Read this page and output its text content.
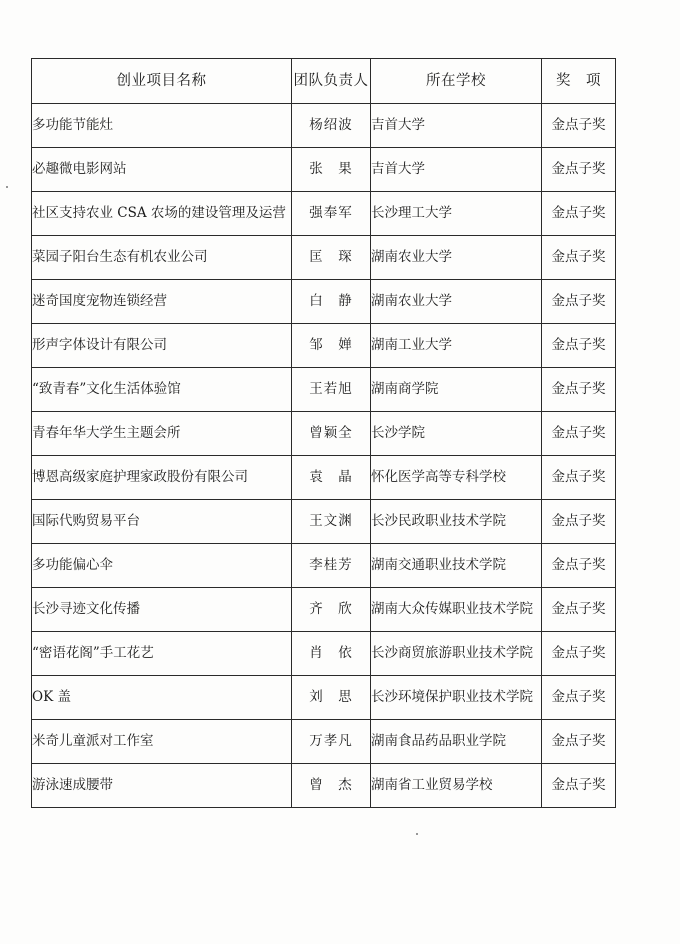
创业项目名称	团队负责人	所在学校	奖　项
多功能节能灶	杨绍波	吉首大学	金点子奖
必趣微电影网站	张　果	吉首大学	金点子奖
社区支持农业 CSA 农场的建设管理及运营	强奉军	长沙理工大学	金点子奖
菜园子阳台生态有机农业公司	匡　琛	湖南农业大学	金点子奖
迷奇国度宠物连锁经营	白　静	湖南农业大学	金点子奖
形声字体设计有限公司	邹　婵	湖南工业大学	金点子奖
“致青春”文化生活体验馆	王若旭	湖南商学院	金点子奖
青春年华大学生主题会所	曾颖全	长沙学院	金点子奖
博恩高级家庭护理家政股份有限公司	袁　晶	怀化医学高等专科学校	金点子奖
国际代购贸易平台	王文渊	长沙民政职业技术学院	金点子奖
多功能偏心伞	李桂芳	湖南交通职业技术学院	金点子奖
长沙寻迹文化传播	齐　欣	湖南大众传媒职业技术学院	金点子奖
“密语花阁”手工花艺	肖　依	长沙商贸旅游职业技术学院	金点子奖
OK 盖	刘　思	长沙环境保护职业技术学院	金点子奖
米奇儿童派对工作室	万孝凡	湖南食品药品职业学院	金点子奖
游泳速成腰带	曾　杰	湖南省工业贸易学校	金点子奖
